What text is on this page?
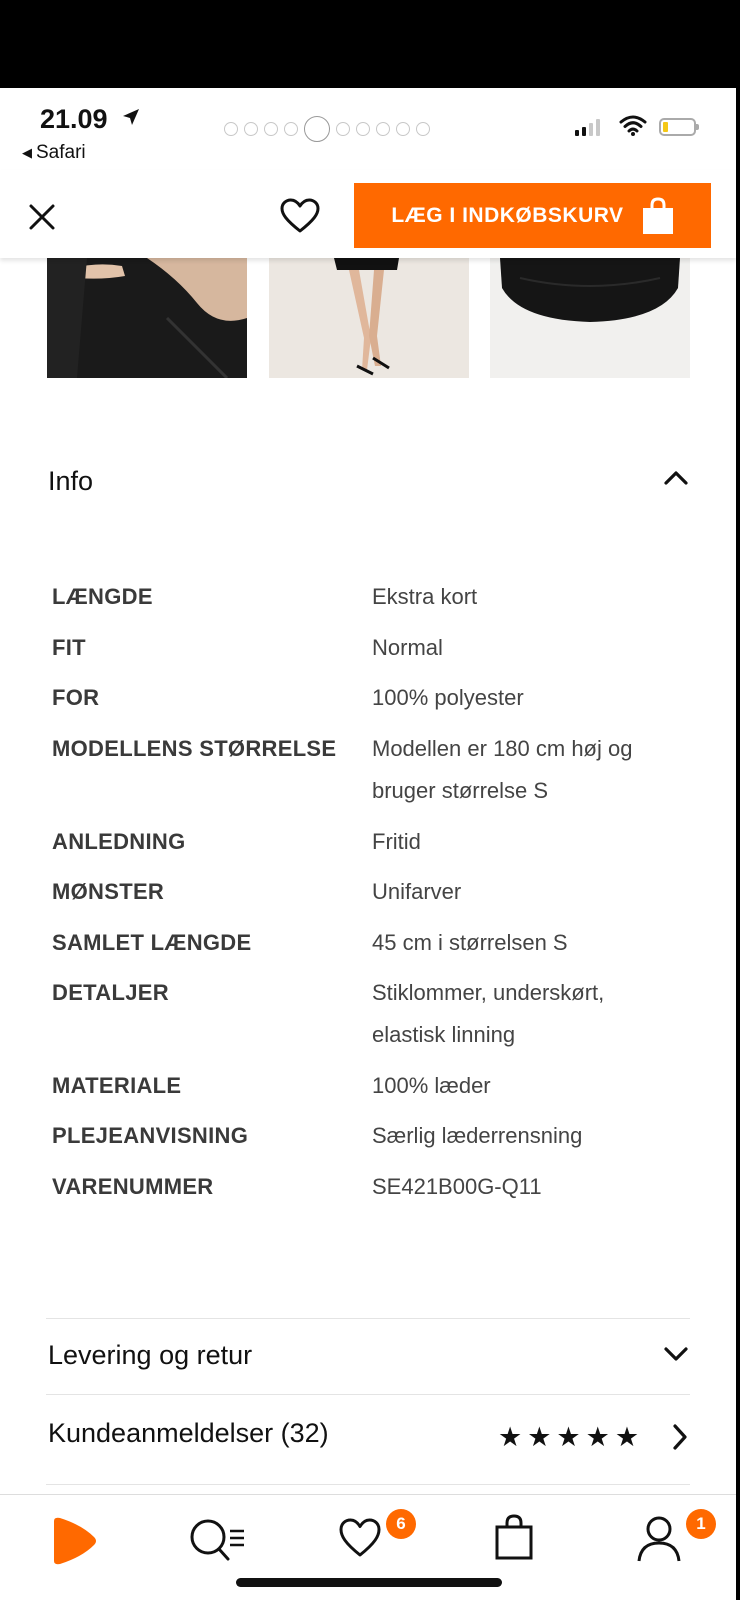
21.09
◀ Safari
LÆG I INDKØBSKURV
Info
LÆNGDE	Ekstra kort
FIT	Normal
FOR	100% polyester
MODELLENS STØRRELSE	Modellen er 180 cm høj og bruger størrelse S
ANLEDNING	Fritid
MØNSTER	Unifarver
SAMLET LÆNGDE	45 cm i størrelsen S
DETALJER	Stiklommer, underskørt, elastisk linning
MATERIALE	100% læder
PLEJEANVISNING	Særlig læderrensning
VARENUMMER	SE421B00G-Q11
Levering og retur
Kundeanmeldelser (32)	★★★★★
6	1
